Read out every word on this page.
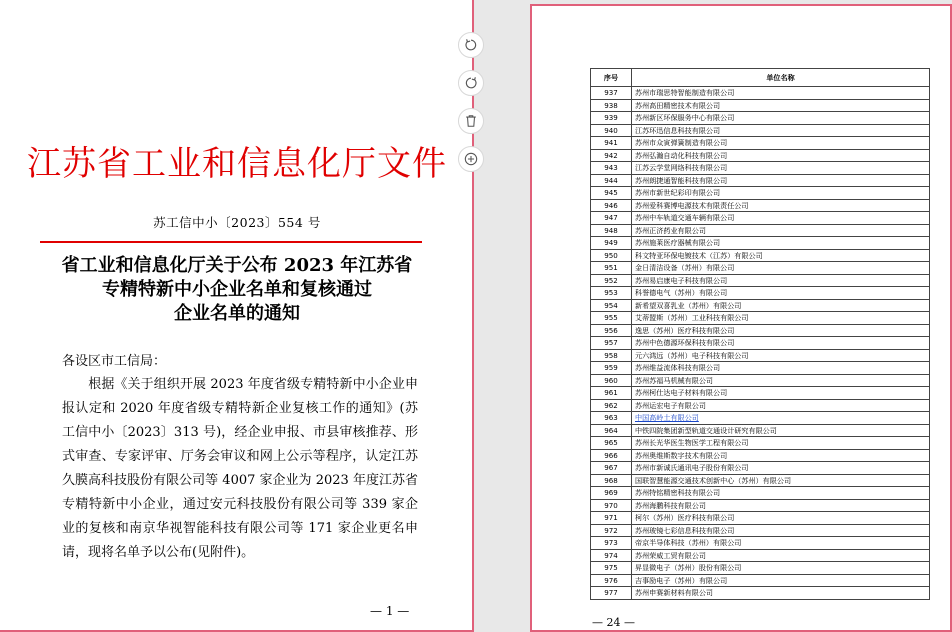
江苏省工业和信息化厅文件
苏工信中小〔2023〕554 号
省工业和信息化厅关于公布 2023 年江苏省
专精特新中小企业名单和复核通过
企业名单的通知
各设区市工信局：
　　根据《关于组织开展 2023 年度省级专精特新中小企业申报认定和 2020 年度省级专精特新企业复核工作的通知》(苏工信中小〔2023〕313 号)，经企业申报、市县审核推荐、形式审查、专家评审、厅务会审议和网上公示等程序，认定江苏久膜高科技股份有限公司等 4007 家企业为 2023 年度江苏省专精特新中小企业，通过安元科技股份有限公司等 339 家企业的复核和南京华视智能科技有限公司等 171 家企业更名申请，现将名单予以公布(见附件)。
— 1 —
序号	单位名称
937	苏州市瑞思特智能制造有限公司
938	苏州高田精密技术有限公司
939	苏州新区环保服务中心有限公司
940	江苏环迅信息科技有限公司
941	苏州市众寅弹簧制造有限公司
942	苏州弘瀚自动化科技有限公司
943	江苏云学堂网络科技有限公司
944	苏州朗捷通智能科技有限公司
945	苏州市新世纪彩印有限公司
946	苏州爱科赛博电源技术有限责任公司
947	苏州中车轨道交通车辆有限公司
948	苏州正济药业有限公司
949	苏州施莱医疗器械有限公司
950	科文特亚环保电镀技术（江苏）有限公司
951	金日清洁设备（苏州）有限公司
952	苏州易启康电子科技有限公司
953	科誉德电气（苏州）有限公司
954	新希望双喜乳业（苏州）有限公司
955	艾蒂盟斯（苏州）工业科技有限公司
956	逸思（苏州）医疗科技有限公司
957	苏州中色德源环保科技有限公司
958	元六鸿远（苏州）电子科技有限公司
959	苏州维益流体科技有限公司
960	苏州苏福马机械有限公司
961	苏州柯仕达电子材料有限公司
962	苏州运宏电子有限公司
963	中国高岭土有限公司
964	中铁四院集团新型轨道交通设计研究有限公司
965	苏州长光华医生物医学工程有限公司
966	苏州奥维斯数字技术有限公司
967	苏州市新诚氏通讯电子股份有限公司
968	国联智慧能源交通技术创新中心（苏州）有限公司
969	苏州特铭精密科技有限公司
970	苏州海鹏科技有限公司
971	柯尔（苏州）医疗科技有限公司
972	苏州玻镜七彩信息科技有限公司
973	帝京半导体科技（苏州）有限公司
974	苏州荣威工贸有限公司
975	昇显微电子（苏州）股份有限公司
976	吉事励电子（苏州）有限公司
977	苏州申赛新材料有限公司
— 24 —
